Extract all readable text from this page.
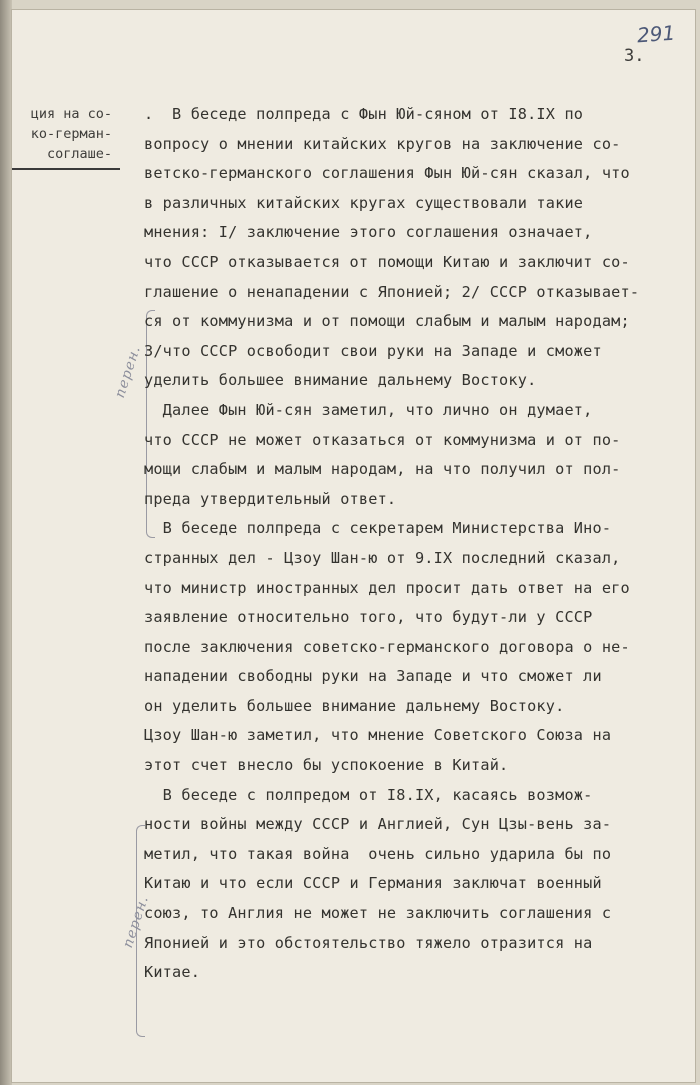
291
3.
ция на со-
ко-герман-
соглаше-
перен.
перен.
.  В беседе полпреда с Фын Юй-сяном от I8.IX по
вопросу о мнении китайских кругов на заключение со-
ветско-германского соглашения Фын Юй-сян сказал, что
в различных китайских кругах существовали такие
мнения: I/ заключение этого соглашения означает,
что СССР отказывается от помощи Китаю и заключит со-
глашение о ненападении с Японией; 2/ СССР отказывает-
ся от коммунизма и от помощи слабым и малым народам;
3/что СССР освободит свои руки на Западе и сможет
уделить большее внимание дальнему Востоку.
Далее Фын Юй-сян заметил, что лично он думает,
что СССР не может отказаться от коммунизма и от по-
мощи слабым и малым народам, на что получил от пол-
преда утвердительный ответ.
В беседе полпреда с секретарем Министерства Ино-
странных дел - Цзоу Шан-ю от 9.IX последний сказал,
что министр иностранных дел просит дать ответ на его
заявление относительно того, что будут-ли у СССР
после заключения советско-германского договора о не-
нападении свободны руки на Западе и что сможет ли
он уделить большее внимание дальнему Востоку.
Цзоу Шан-ю заметил, что мнение Советского Союза на
этот счет внесло бы успокоение в Китай.
В беседе с полпредом от I8.IX, касаясь возмож-
ности войны между СССР и Англией, Сун Цзы-вень за-
метил, что такая война  очень сильно ударила бы по
Китаю и что если СССР и Германия заключат военный
союз, то Англия не может не заключить соглашения с
Японией и это обстоятельство тяжело отразится на
Китае.
